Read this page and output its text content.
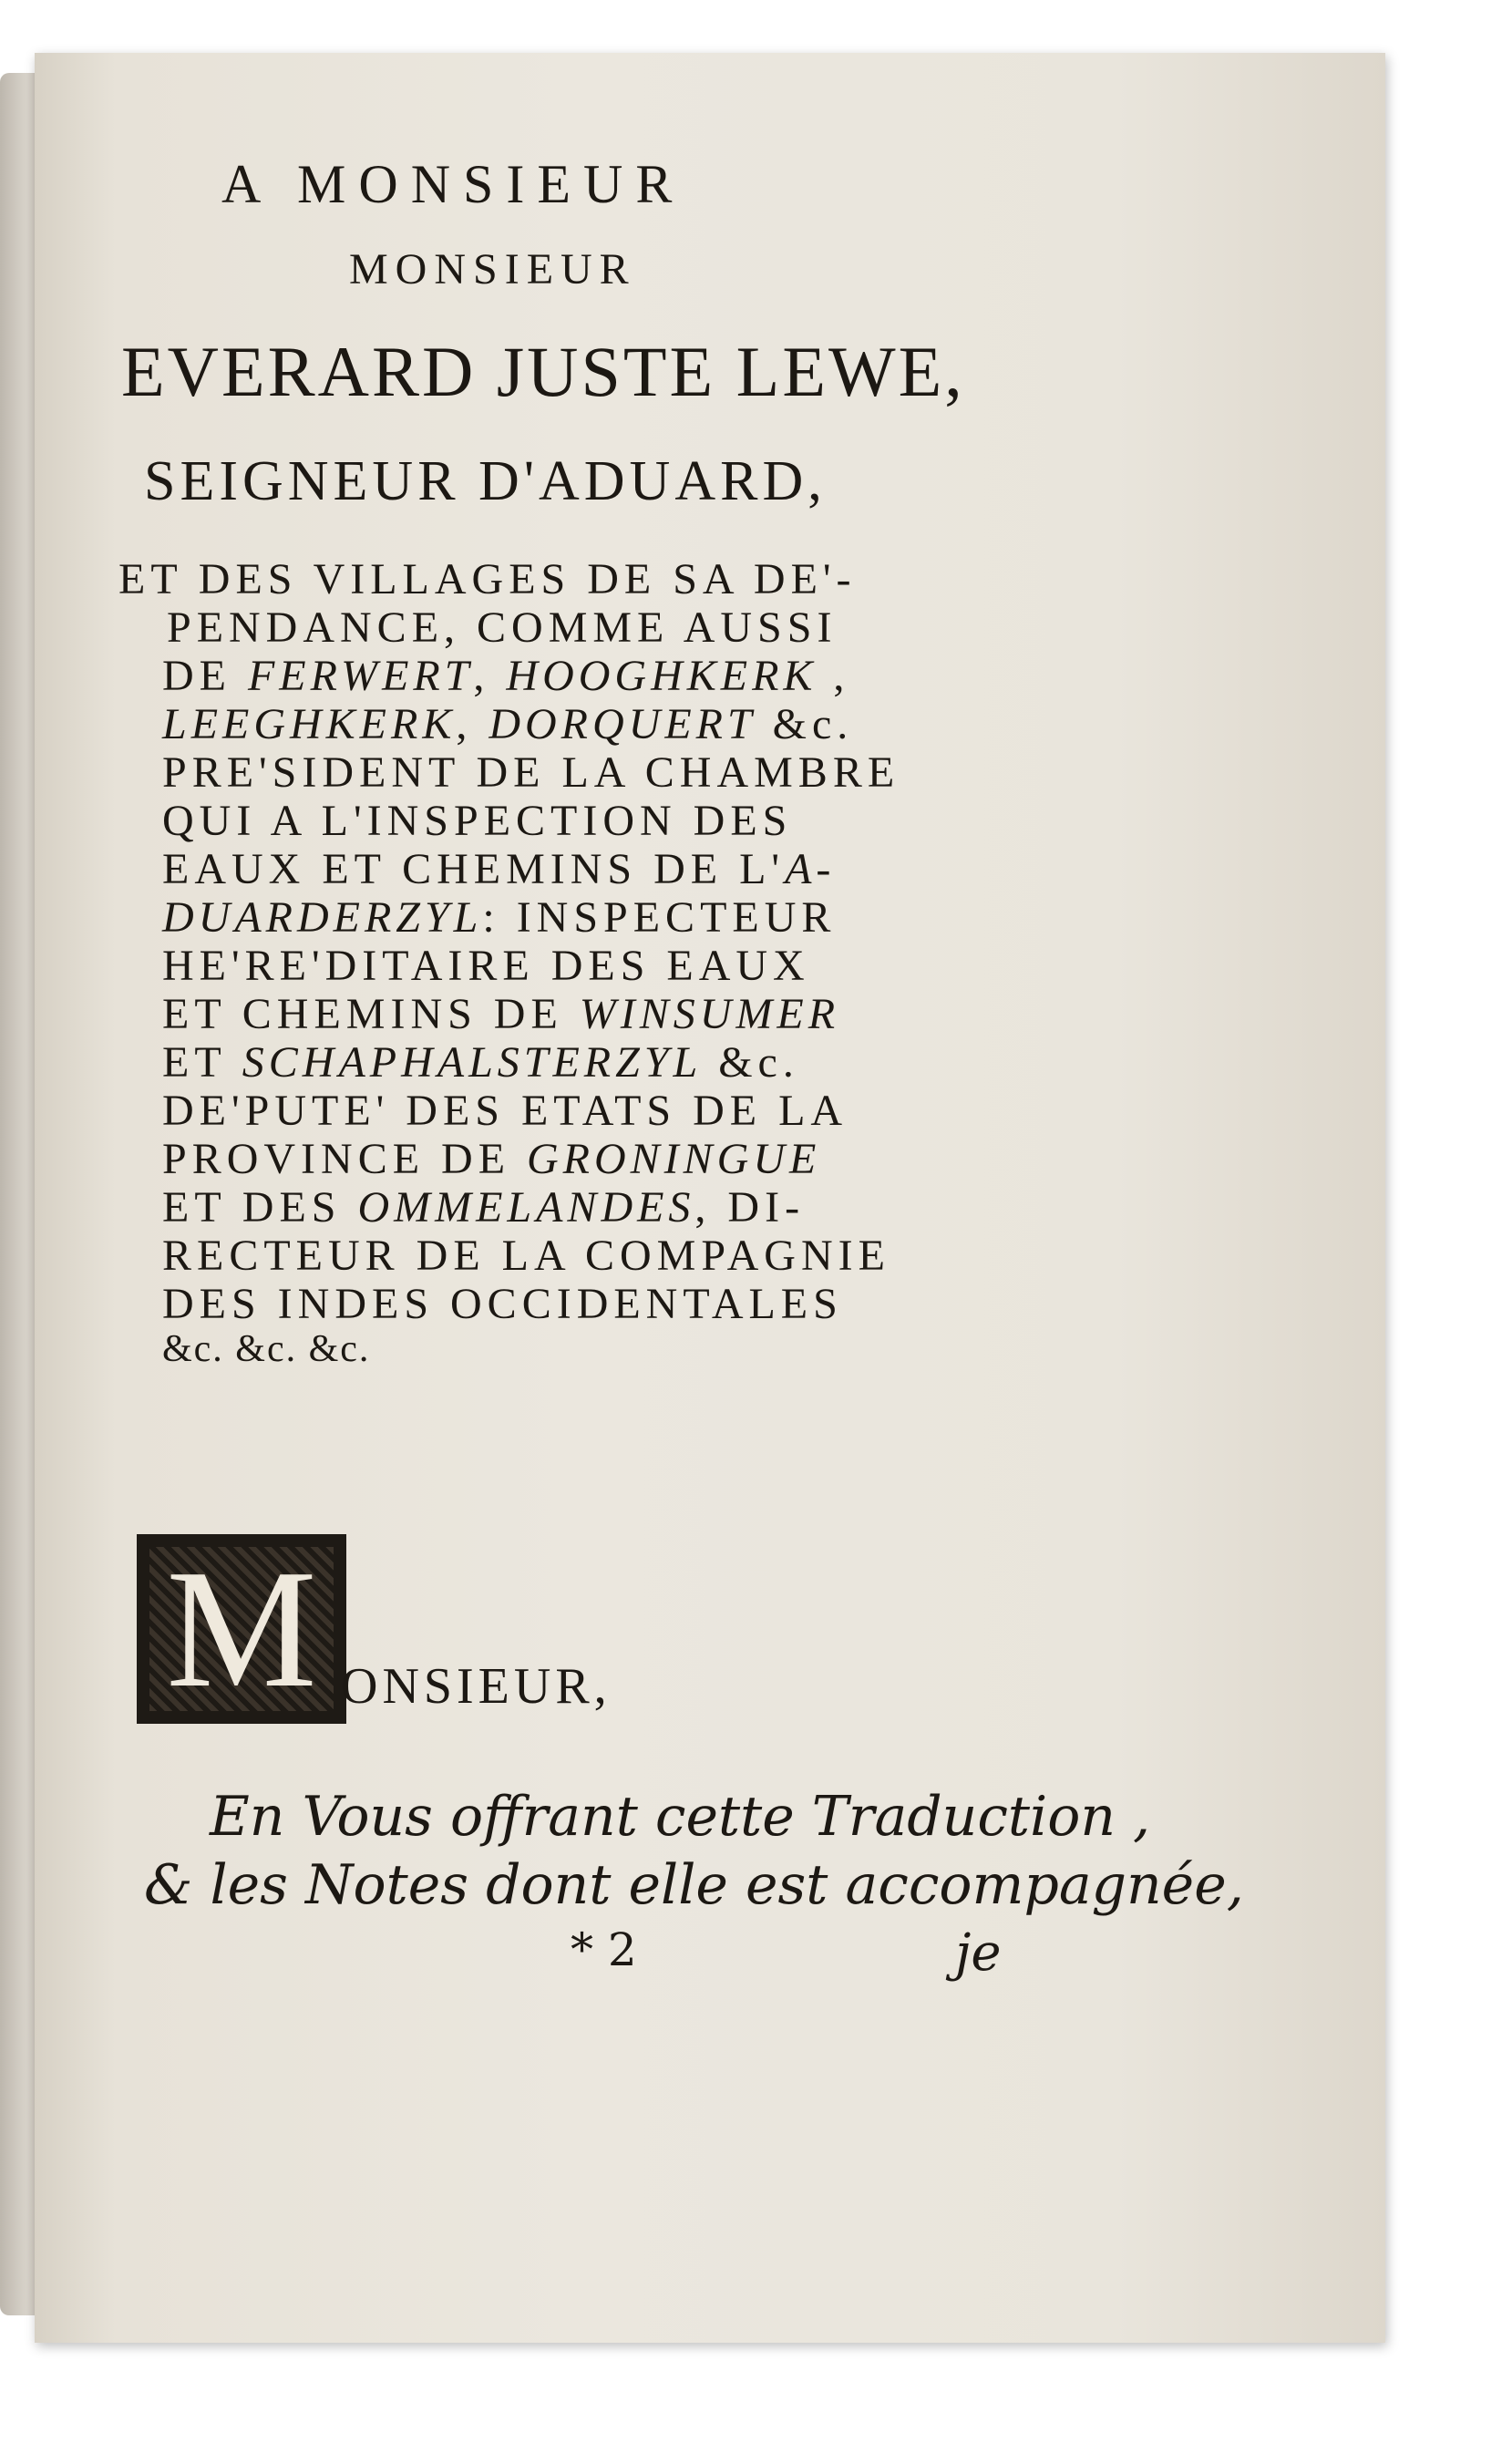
A MONSIEUR
MONSIEUR
EVERARD JUSTE LEWE,
SEIGNEUR D'ADUARD,
ET DES VILLAGES DE SA DE'-
PENDANCE, COMME AUSSI
DE FERWERT, HOOGHKERK ,
LEEGHKERK, DORQUERT &c.
PRE'SIDENT DE LA CHAMBRE
QUI A L'INSPECTION DES
EAUX ET CHEMINS DE L'A-
DUARDERZYL: INSPECTEUR
HE'RE'DITAIRE DES EAUX
ET CHEMINS DE WINSUMER
ET SCHAPHALSTERZYL &c.
DE'PUTE' DES ETATS DE LA
PROVINCE DE GRONINGUE
ET DES OMMELANDES, DI-
RECTEUR DE LA COMPAGNIE
DES INDES OCCIDENTALES
&c. &c. &c.
M ONSIEUR,
En Vous offrant cette Traduction ,
& les Notes dont elle est accompagnée,
* 2	je
